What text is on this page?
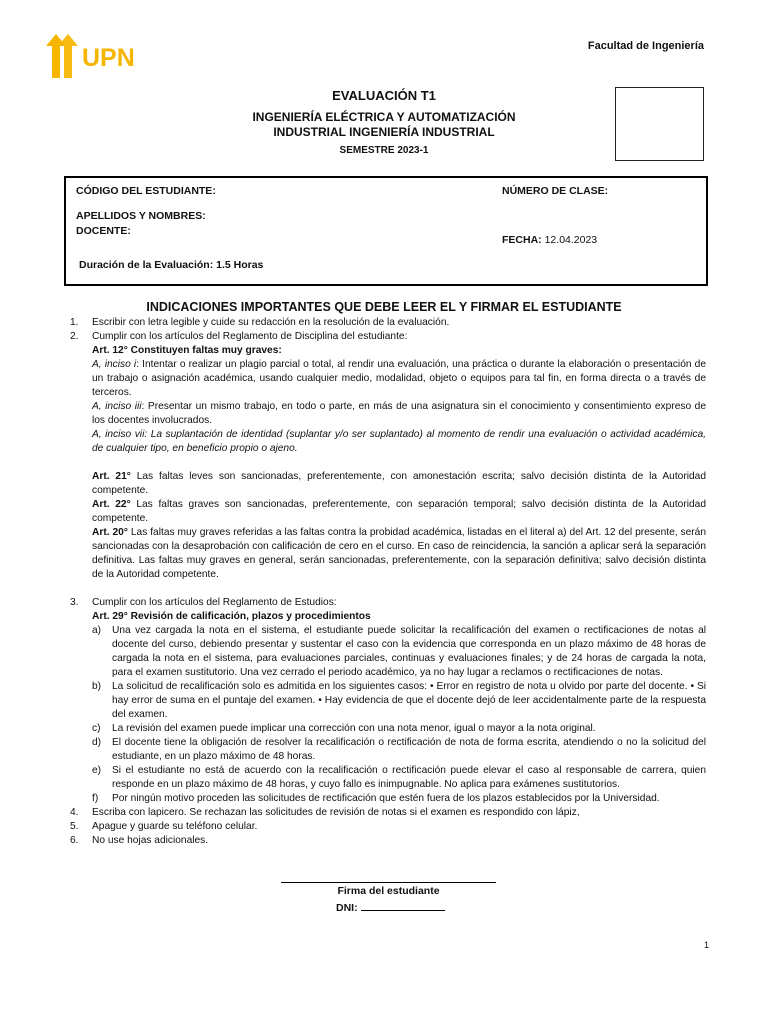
UPN	Facultad de Ingeniería
EVALUACIÓN T1
INGENIERÍA ELÉCTRICA Y AUTOMATIZACIÓN
INDUSTRIAL INGENIERÍA INDUSTRIAL
SEMESTRE 2023-1
CÓDIGO DEL ESTUDIANTE:	NÚMERO DE CLASE:
APELLIDOS Y NOMBRES:
DOCENTE:
FECHA: 12.04.2023
Duración de la Evaluación: 1.5 Horas
INDICACIONES IMPORTANTES QUE DEBE LEER EL Y FIRMAR EL ESTUDIANTE
1.	Escribir con letra legible y cuide su redacción en la resolución de la evaluación.
2.	Cumplir con los artículos del Reglamento de Disciplina del estudiante:
Art. 12° Constituyen faltas muy graves:
A, inciso i: Intentar o realizar un plagio parcial o total, al rendir una evaluación, una práctica o durante la elaboración o presentación de un trabajo o asignación académica, usando cualquier medio, modalidad, objeto o equipos para tal fin, en forma directa o a través de terceros.
A, inciso iii: Presentar un mismo trabajo, en todo o parte, en más de una asignatura sin el conocimiento y consentimiento expreso de los docentes involucrados.
A, inciso vii: La suplantación de identidad (suplantar y/o ser suplantado) al momento de rendir una evaluación o actividad académica, de cualquier tipo, en beneficio propio o ajeno.
Art. 21° Las faltas leves son sancionadas, preferentemente, con amonestación escrita; salvo decisión distinta de la Autoridad competente.
Art. 22° Las faltas graves son sancionadas, preferentemente, con separación temporal; salvo decisión distinta de la Autoridad competente.
Art. 20° Las faltas muy graves referidas a las faltas contra la probidad académica, listadas en el literal a) del Art. 12 del presente, serán sancionadas con la desaprobación con calificación de cero en el curso. En caso de reincidencia, la sanción a aplicar será la separación definitiva. Las faltas muy graves en general, serán sancionadas, preferentemente, con la separación definitiva; salvo decisión distinta de la Autoridad competente.
3.	Cumplir con los artículos del Reglamento de Estudios:
Art. 29° Revisión de calificación, plazos y procedimientos
a)	Una vez cargada la nota en el sistema, el estudiante puede solicitar la recalificación del examen o rectificaciones de notas al docente del curso, debiendo presentar y sustentar el caso con la evidencia que corresponda en un plazo máximo de 48 horas de cargada la nota en el sistema, para evaluaciones parciales, continuas y evaluaciones finales; y de 24 horas de cargada la nota, para el examen sustitutorio. Una vez cerrado el periodo académico, ya no hay lugar a reclamos o rectificaciones de notas.
b)	La solicitud de recalificación solo es admitida en los siguientes casos: • Error en registro de nota u olvido por parte del docente. • Si hay error de suma en el puntaje del examen. • Hay evidencia de que el docente dejó de leer accidentalmente parte de la respuesta del examen.
c)	La revisión del examen puede implicar una corrección con una nota menor, igual o mayor a la nota original.
d)	El docente tiene la obligación de resolver la recalificación o rectificación de nota de forma escrita, atendiendo o no la solicitud del estudiante, en un plazo máximo de 48 horas.
e)	Si el estudiante no está de acuerdo con la recalificación o rectificación puede elevar el caso al responsable de carrera, quien responde en un plazo máximo de 48 horas, y cuyo fallo es inimpugnable. No aplica para exámenes sustitutorios.
f)	Por ningún motivo proceden las solicitudes de rectificación que estén fuera de los plazos establecidos por la Universidad.
4.	Escriba con lapicero. Se rechazan las solicitudes de revisión de notas si el examen es respondido con lápiz,
5.	Apague y guarde su teléfono celular.
6.	No use hojas adicionales.
Firma del estudiante
DNI:
1
